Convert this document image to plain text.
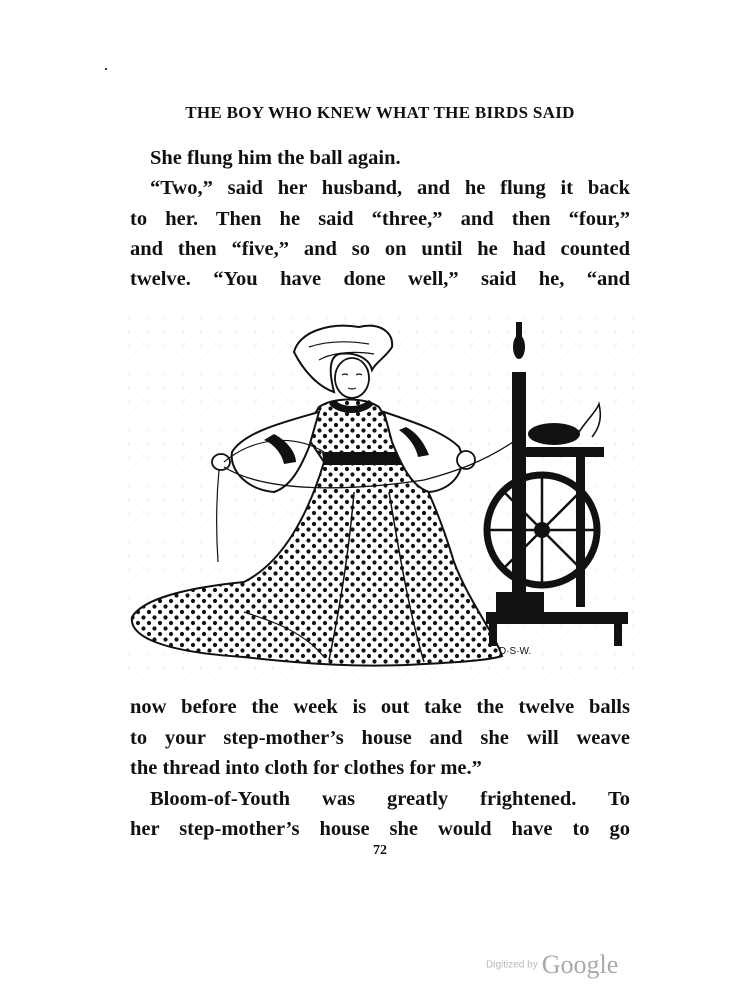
THE BOY WHO KNEW WHAT THE BIRDS SAID
She flung him the ball again.
“Two,” said her husband, and he flung it back
to her. Then he said “three,” and then “four,”
and then “five,” and so on until he had counted
twelve. “You have done well,” said he, “and
D·S·W.
now before the week is out take the twelve balls
to your step-mother’s house and she will weave
the thread into cloth for clothes for me.”
Bloom-of-Youth was greatly frightened. To
her step-mother’s house she would have to go
72
Digitized by Google
